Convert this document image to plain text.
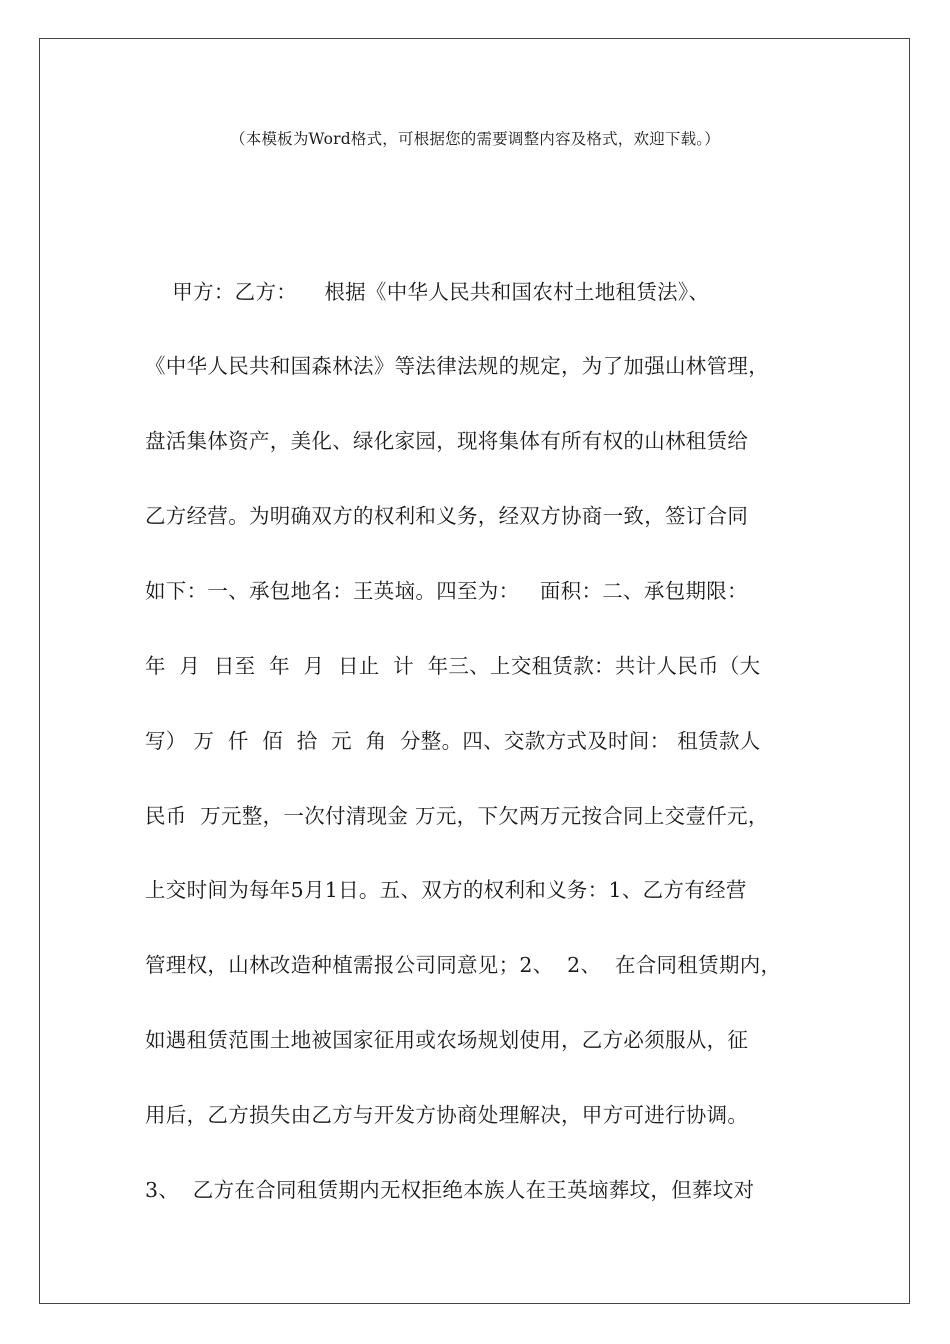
（本模板为Word格式，可根据您的需要调整内容及格式，欢迎下载。）
甲方：乙方：    根据《中华人民共和国农村土地租赁法》、
《中华人民共和国森林法》等法律法规的规定，为了加强山林管理，
盘活集体资产，美化、绿化家园，现将集体有所有权的山林租赁给
乙方经营。为明确双方的权利和义务，经双方协商一致，签订合同
如下：一、承包地名：王英垴。四至为：   面积：二、承包期限：
年  月  日至  年  月  日止  计  年三、上交租赁款：共计人民币（大
写） 万  仟  佰  拾  元  角  分整。四、交款方式及时间： 租赁款人
民币  万元整，一次付清现金 万元，下欠两万元按合同上交壹仟元，
上交时间为每年5月1日。五、双方的权利和义务：1、乙方有经营
管理权，山林改造种植需报公司同意见；2、  2、  在合同租赁期内，
如遇租赁范围土地被国家征用或农场规划使用，乙方必须服从，征
用后，乙方损失由乙方与开发方协商处理解决，甲方可进行协调。
3、  乙方在合同租赁期内无权拒绝本族人在王英垴葬坟，但葬坟对
